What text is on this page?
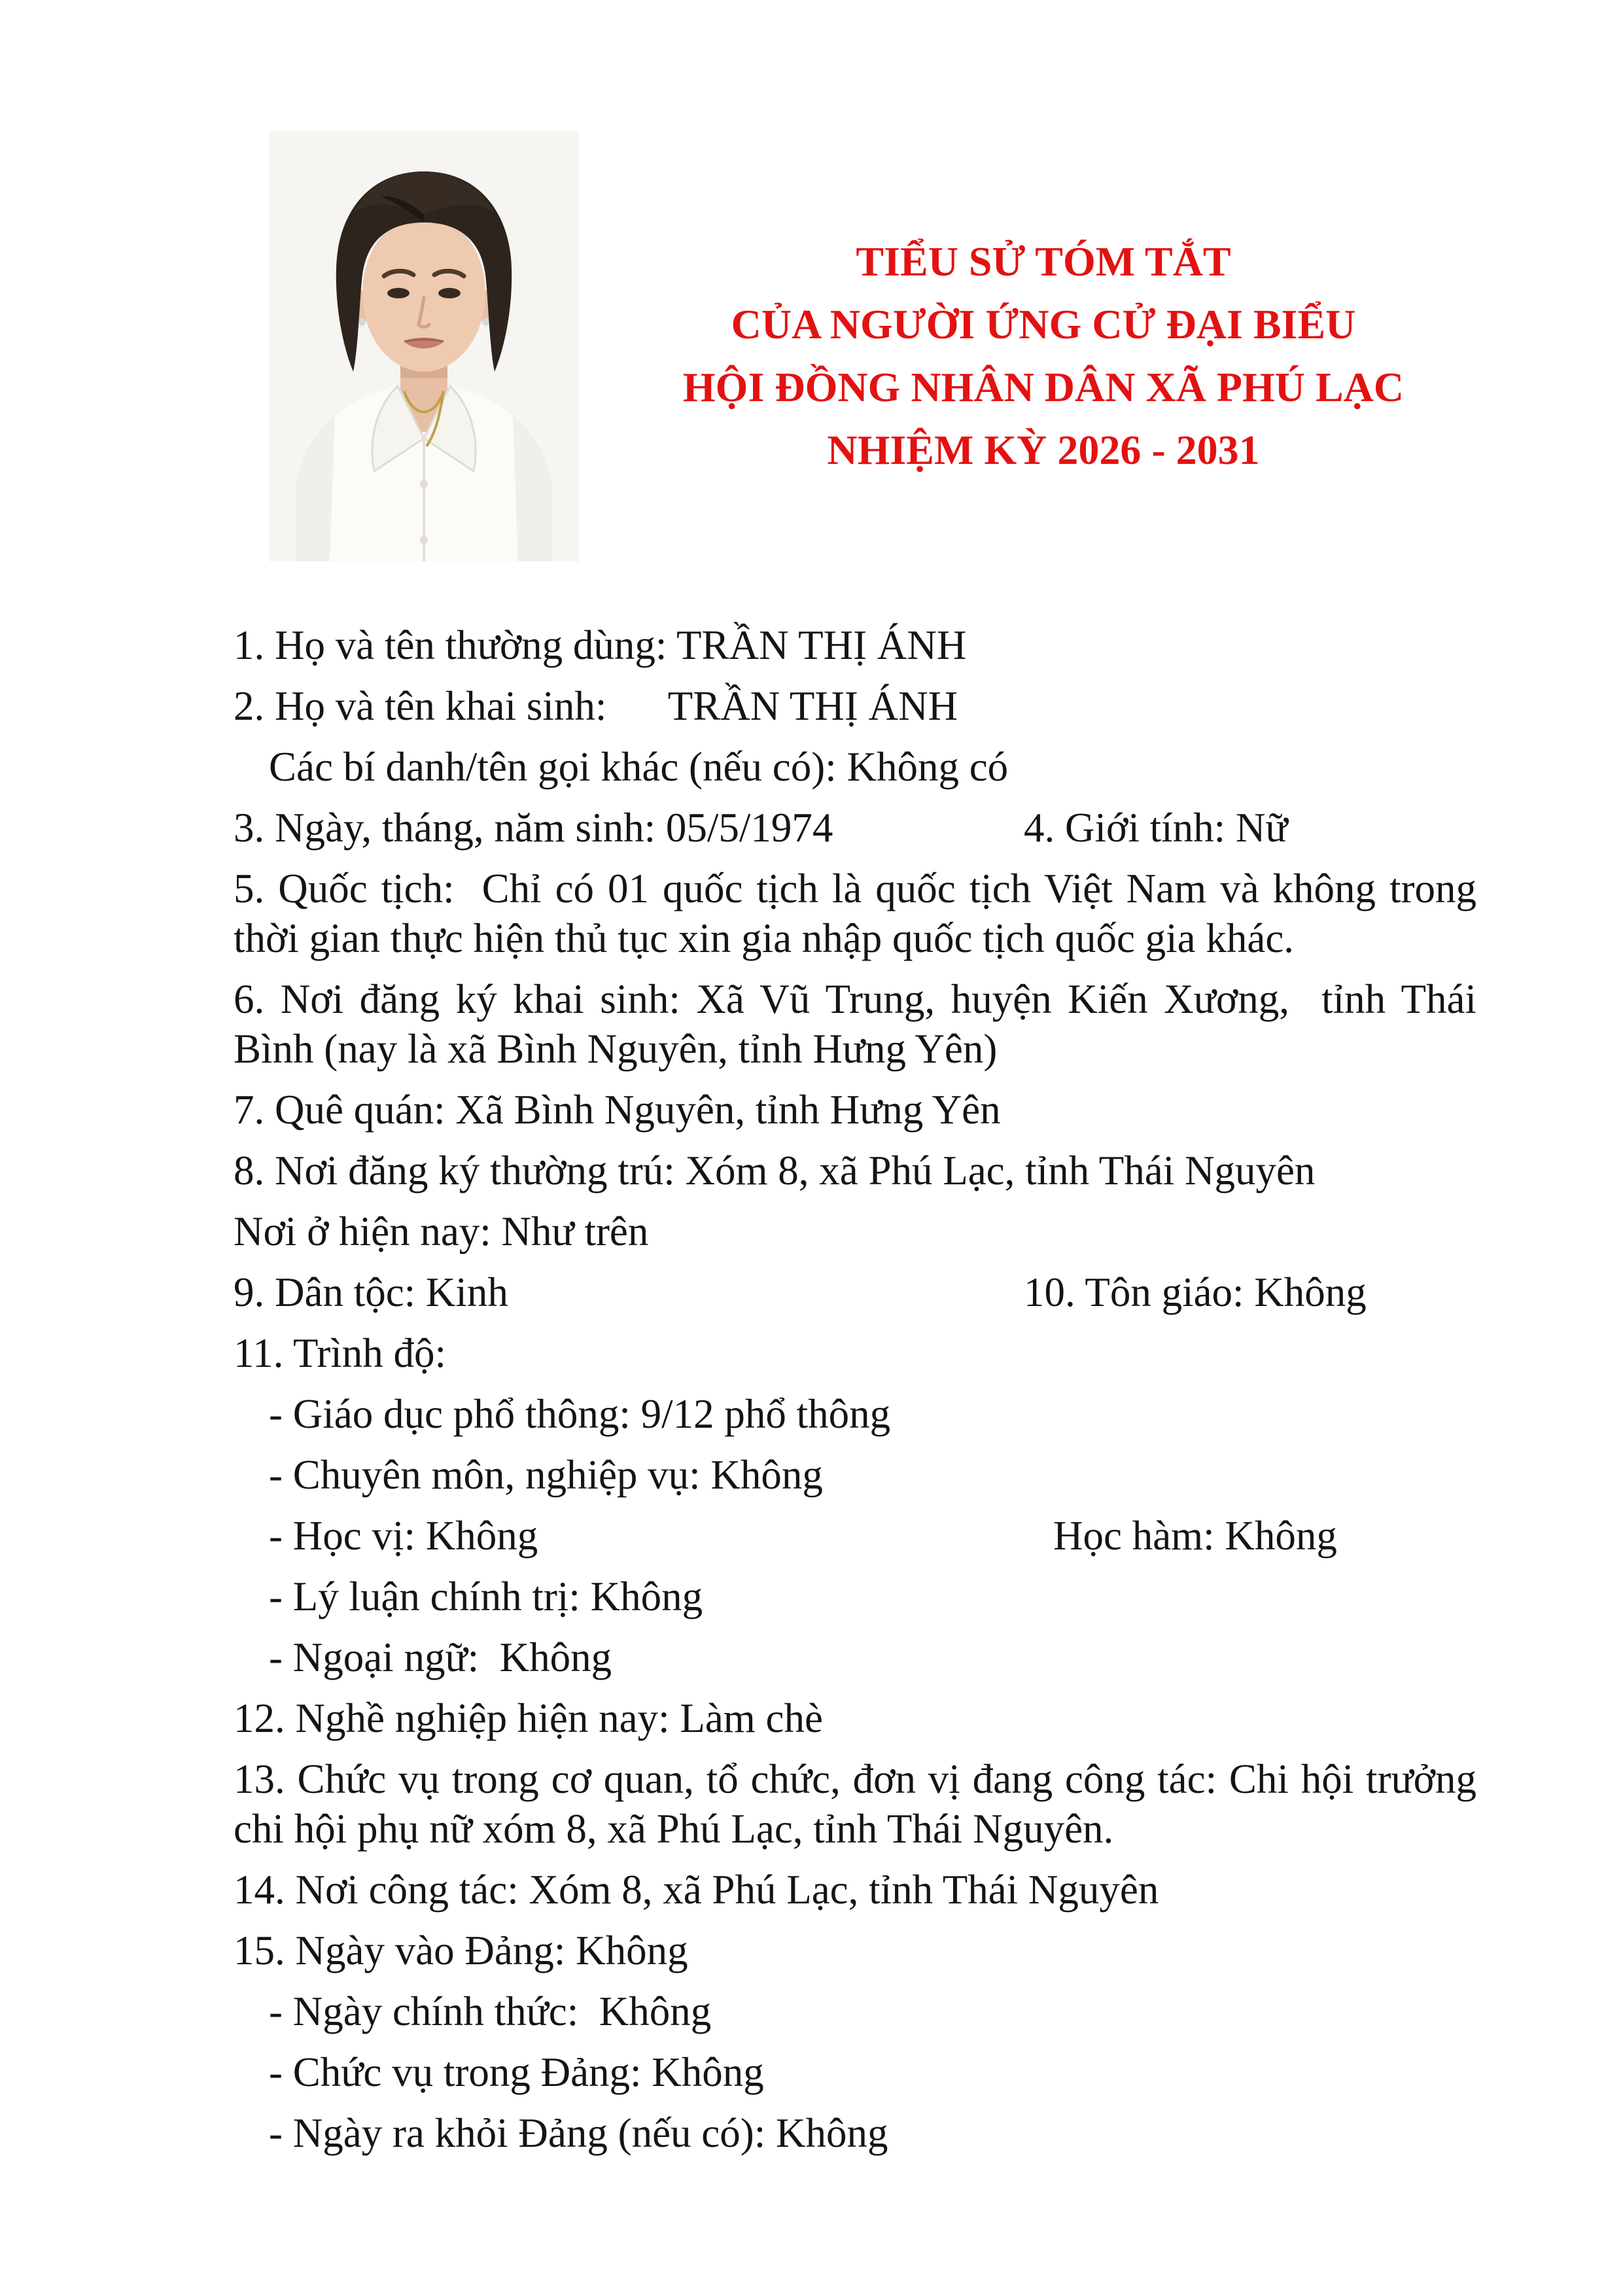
TIỂU SỬ TÓM TẮT
CỦA NGƯỜI ỨNG CỬ ĐẠI BIỂU
HỘI ĐỒNG NHÂN DÂN XÃ PHÚ LẠC
NHIỆM KỲ 2026 - 2031

1. Họ và tên thường dùng: TRẦN THỊ ÁNH

2. Họ và tên khai sinh:      TRẦN THỊ ÁNH

Các bí danh/tên gọi khác (nếu có): Không có

3. Ngày, tháng, năm sinh: 05/5/1974	4. Giới tính: Nữ

5. Quốc tịch:  Chỉ có 01 quốc tịch là quốc tịch Việt Nam và không trong thời gian thực hiện thủ tục xin gia nhập quốc tịch quốc gia khác.

6. Nơi đăng ký khai sinh: Xã Vũ Trung, huyện Kiến Xương,  tỉnh Thái Bình (nay là xã Bình Nguyên, tỉnh Hưng Yên)

7. Quê quán: Xã Bình Nguyên, tỉnh Hưng Yên

8. Nơi đăng ký thường trú: Xóm 8, xã Phú Lạc, tỉnh Thái Nguyên

Nơi ở hiện nay: Như trên

9. Dân tộc: Kinh	10. Tôn giáo: Không

11. Trình độ:

- Giáo dục phổ thông: 9/12 phổ thông

- Chuyên môn, nghiệp vụ: Không

- Học vị: Không	Học hàm: Không

- Lý luận chính trị: Không

- Ngoại ngữ:  Không

12. Nghề nghiệp hiện nay: Làm chè

13. Chức vụ trong cơ quan, tổ chức, đơn vị đang công tác: Chi hội trưởng chi hội phụ nữ xóm 8, xã Phú Lạc, tỉnh Thái Nguyên.

14. Nơi công tác: Xóm 8, xã Phú Lạc, tỉnh Thái Nguyên

15. Ngày vào Đảng: Không

- Ngày chính thức:  Không

- Chức vụ trong Đảng: Không

- Ngày ra khỏi Đảng (nếu có): Không
